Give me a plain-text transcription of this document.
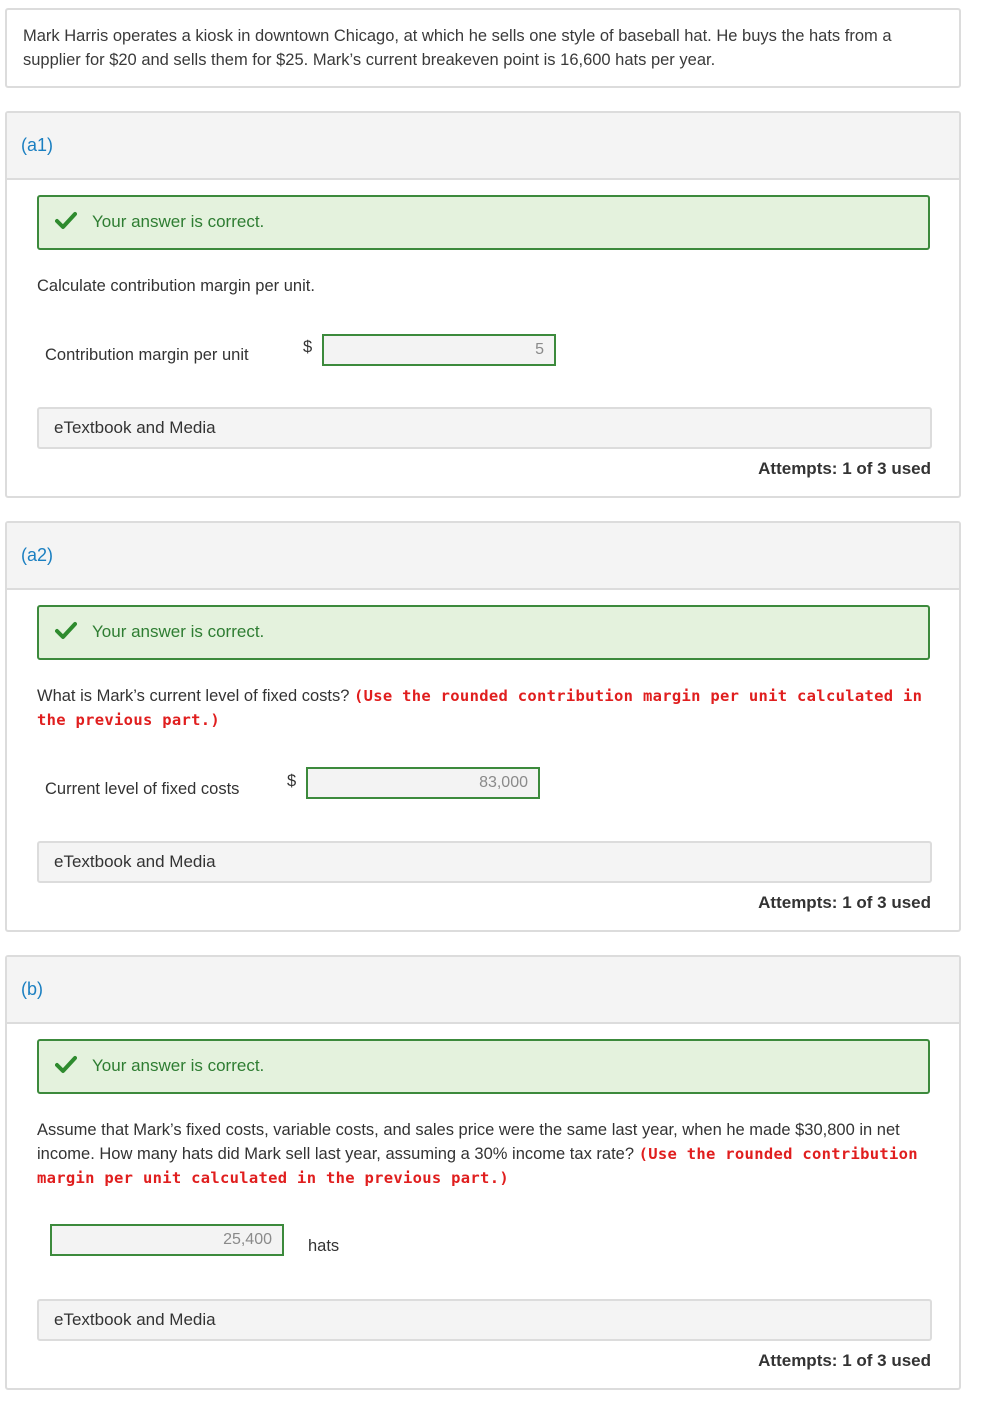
Mark Harris operates a kiosk in downtown Chicago, at which he sells one style of baseball hat. He buys the hats from a supplier for $20 and sells them for $25. Mark’s current breakeven point is 16,600 hats per year.
(a1)
Your answer is correct.
Calculate contribution margin per unit.
Contribution margin per unit	$	5
eTextbook and Media
Attempts: 1 of 3 used
(a2)
Your answer is correct.
What is Mark’s current level of fixed costs? (Use the rounded contribution margin per unit calculated in the previous part.)
Current level of fixed costs	$	83,000
eTextbook and Media
Attempts: 1 of 3 used
(b)
Your answer is correct.
Assume that Mark’s fixed costs, variable costs, and sales price were the same last year, when he made $30,800 in net income. How many hats did Mark sell last year, assuming a 30% income tax rate? (Use the rounded contribution margin per unit calculated in the previous part.)
25,400	hats
eTextbook and Media
Attempts: 1 of 3 used
